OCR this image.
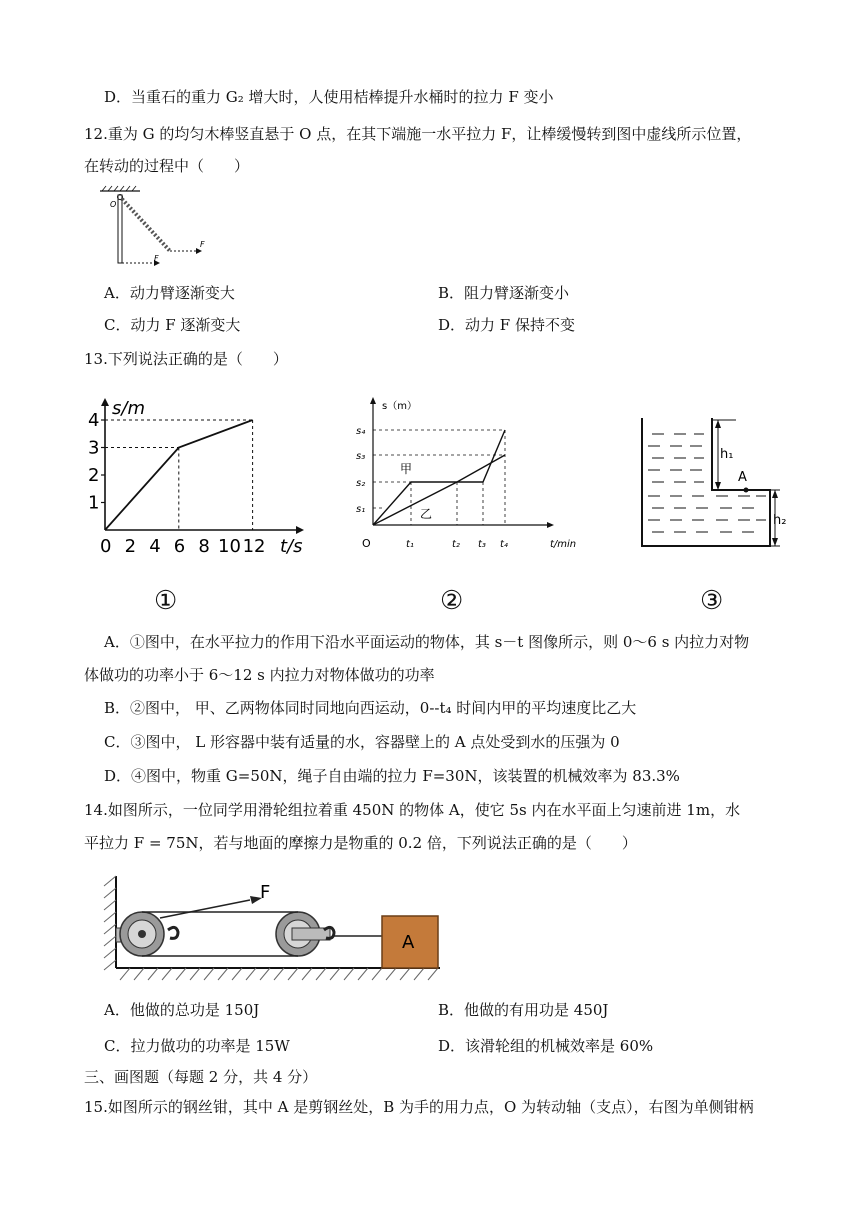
D．当重石的重力 G₂ 增大时，人使用桔棒提升水桶时的拉力 F 变小
12.重为 G 的均匀木棒竖直悬于 O 点，在其下端施一水平拉力 F，让棒缓慢转到图中虚线所示位置，
在转动的过程中（　　）
O
F
F
A．动力臂逐渐变大	B．阻力臂逐渐变小
C．动力 F 逐渐变大	D．动力 F 保持不变
13.下列说法正确的是（　　）
s/m
t/s
1
2
3
4
0 2 4 6 8 10 12
①
s（m）
t/min
O
甲
乙
s₁
s₂
s₃
s₄
t₁	t₂ t₃ t₄
②
h₁
A
h₂
③
A．①图中，在水平拉力的作用下沿水平面运动的物体，其 s－t 图像所示，则 0～6 s 内拉力对物
体做功的功率小于 6～12 s 内拉力对物体做功的功率
B．②图中， 甲、乙两物体同时同地向西运动，0--t₄ 时间内甲的平均速度比乙大
C．③图中， L 形容器中装有适量的水，容器壁上的 A 点处受到水的压强为 0
D．④图中，物重 G=50N，绳子自由端的拉力 F=30N，该装置的机械效率为 83.3%
14.如图所示，一位同学用滑轮组拉着重 450N 的物体 A，使它 5s 内在水平面上匀速前进 1m，水
平拉力 F = 75N，若与地面的摩擦力是物重的 0.2 倍，下列说法正确的是（　　）
F
A
A．他做的总功是 150J	B．他做的有用功是 450J
C．拉力做功的功率是 15W	D．该滑轮组的机械效率是 60%
三、画图题（每题 2 分，共 4 分）
15.如图所示的钢丝钳，其中 A 是剪钢丝处，B 为手的用力点，O 为转动轴（支点），右图为单侧钳柄
